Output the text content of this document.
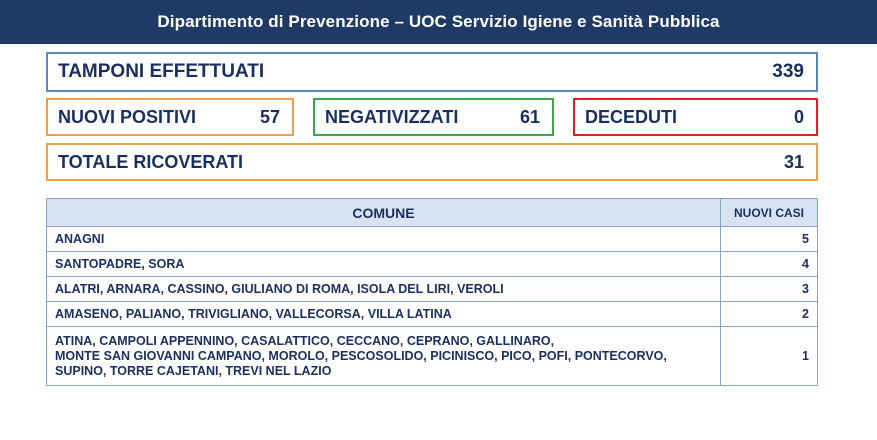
Dipartimento di Prevenzione – UOC Servizio Igiene e Sanità Pubblica
TAMPONI EFFETTUATI	339
NUOVI POSITIVI	57	NEGATIVIZZATI	61	DECEDUTI	0
TOTALE RICOVERATI	31
COMUNE	NUOVI CASI
ANAGNI	5
SANTOPADRE, SORA	4
ALATRI, ARNARA, CASSINO, GIULIANO DI ROMA, ISOLA DEL LIRI, VEROLI	3
AMASENO, PALIANO, TRIVIGLIANO, VALLECORSA, VILLA LATINA	2

ATINA, CAMPOLI APPENNINO, CASALATTICO, CECCANO, CEPRANO, GALLINARO,
MONTE SAN GIOVANNI CAMPANO, MOROLO, PESCOSOLIDO, PICINISCO, PICO, POFI, PONTECORVO,
SUPINO, TORRE CAJETANI, TREVI NEL LAZIO	1
